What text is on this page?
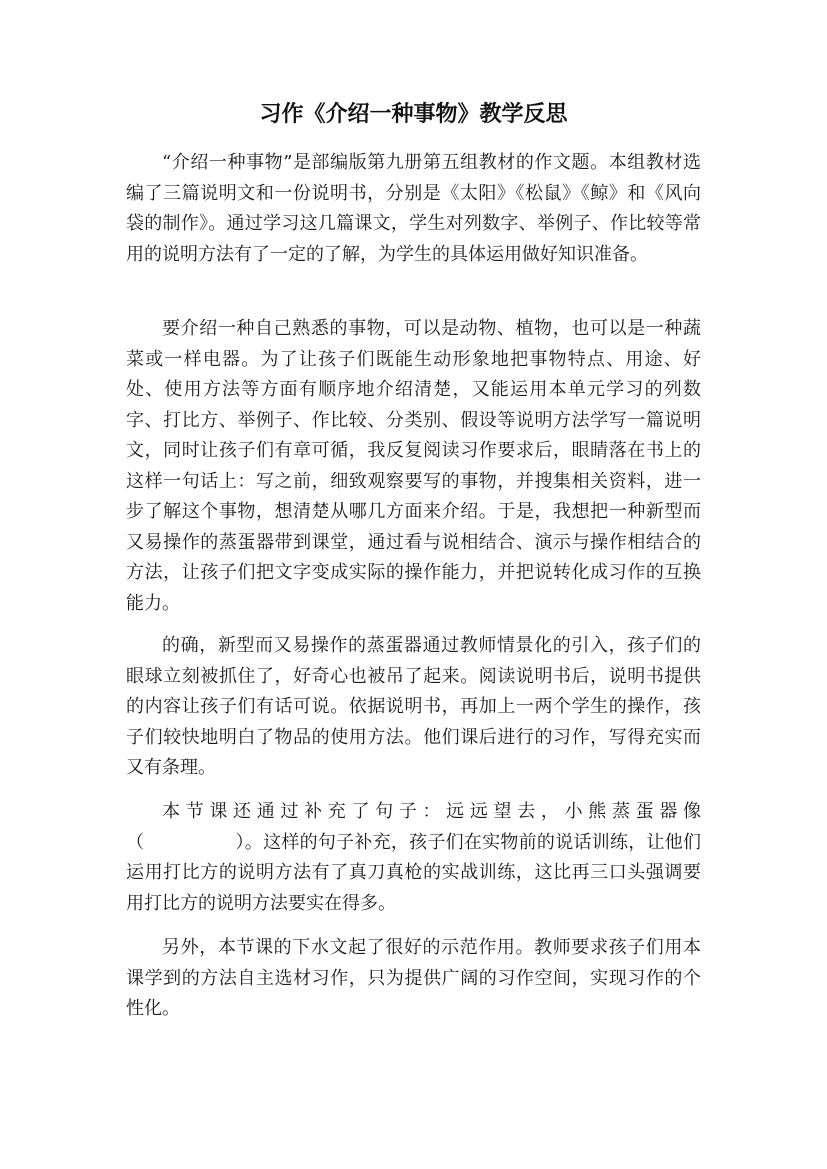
习作《介绍一种事物》教学反思

“介绍一种事物”是部编版第九册第五组教材的作文题。本组教材选编了三篇说明文和一份说明书，分别是《太阳》《松鼠》《鲸》和《风向袋的制作》。通过学习这几篇课文，学生对列数字、举例子、作比较等常用的说明方法有了一定的了解，为学生的具体运用做好知识准备。

要介绍一种自己熟悉的事物，可以是动物、植物，也可以是一种蔬菜或一样电器。为了让孩子们既能生动形象地把事物特点、用途、好处、使用方法等方面有顺序地介绍清楚，又能运用本单元学习的列数字、打比方、举例子、作比较、分类别、假设等说明方法学写一篇说明文，同时让孩子们有章可循，我反复阅读习作要求后，眼睛落在书上的这样一句话上：写之前，细致观察要写的事物，并搜集相关资料，进一步了解这个事物，想清楚从哪几方面来介绍。于是，我想把一种新型而又易操作的蒸蛋器带到课堂，通过看与说相结合、演示与操作相结合的方法，让孩子们把文字变成实际的操作能力，并把说转化成习作的互换能力。

的确，新型而又易操作的蒸蛋器通过教师情景化的引入，孩子们的眼球立刻被抓住了，好奇心也被吊了起来。阅读说明书后，说明书提供的内容让孩子们有话可说。依据说明书，再加上一两个学生的操作，孩子们较快地明白了物品的使用方法。他们课后进行的习作，写得充实而又有条理。

本节课还通过补充了句子：远远望去，小熊蒸蛋器像（　　　　　）。这样的句子补充，孩子们在实物前的说话训练，让他们运用打比方的说明方法有了真刀真枪的实战训练，这比再三口头强调要用打比方的说明方法要实在得多。

另外，本节课的下水文起了很好的示范作用。教师要求孩子们用本课学到的方法自主选材习作，只为提供广阔的习作空间，实现习作的个性化。
